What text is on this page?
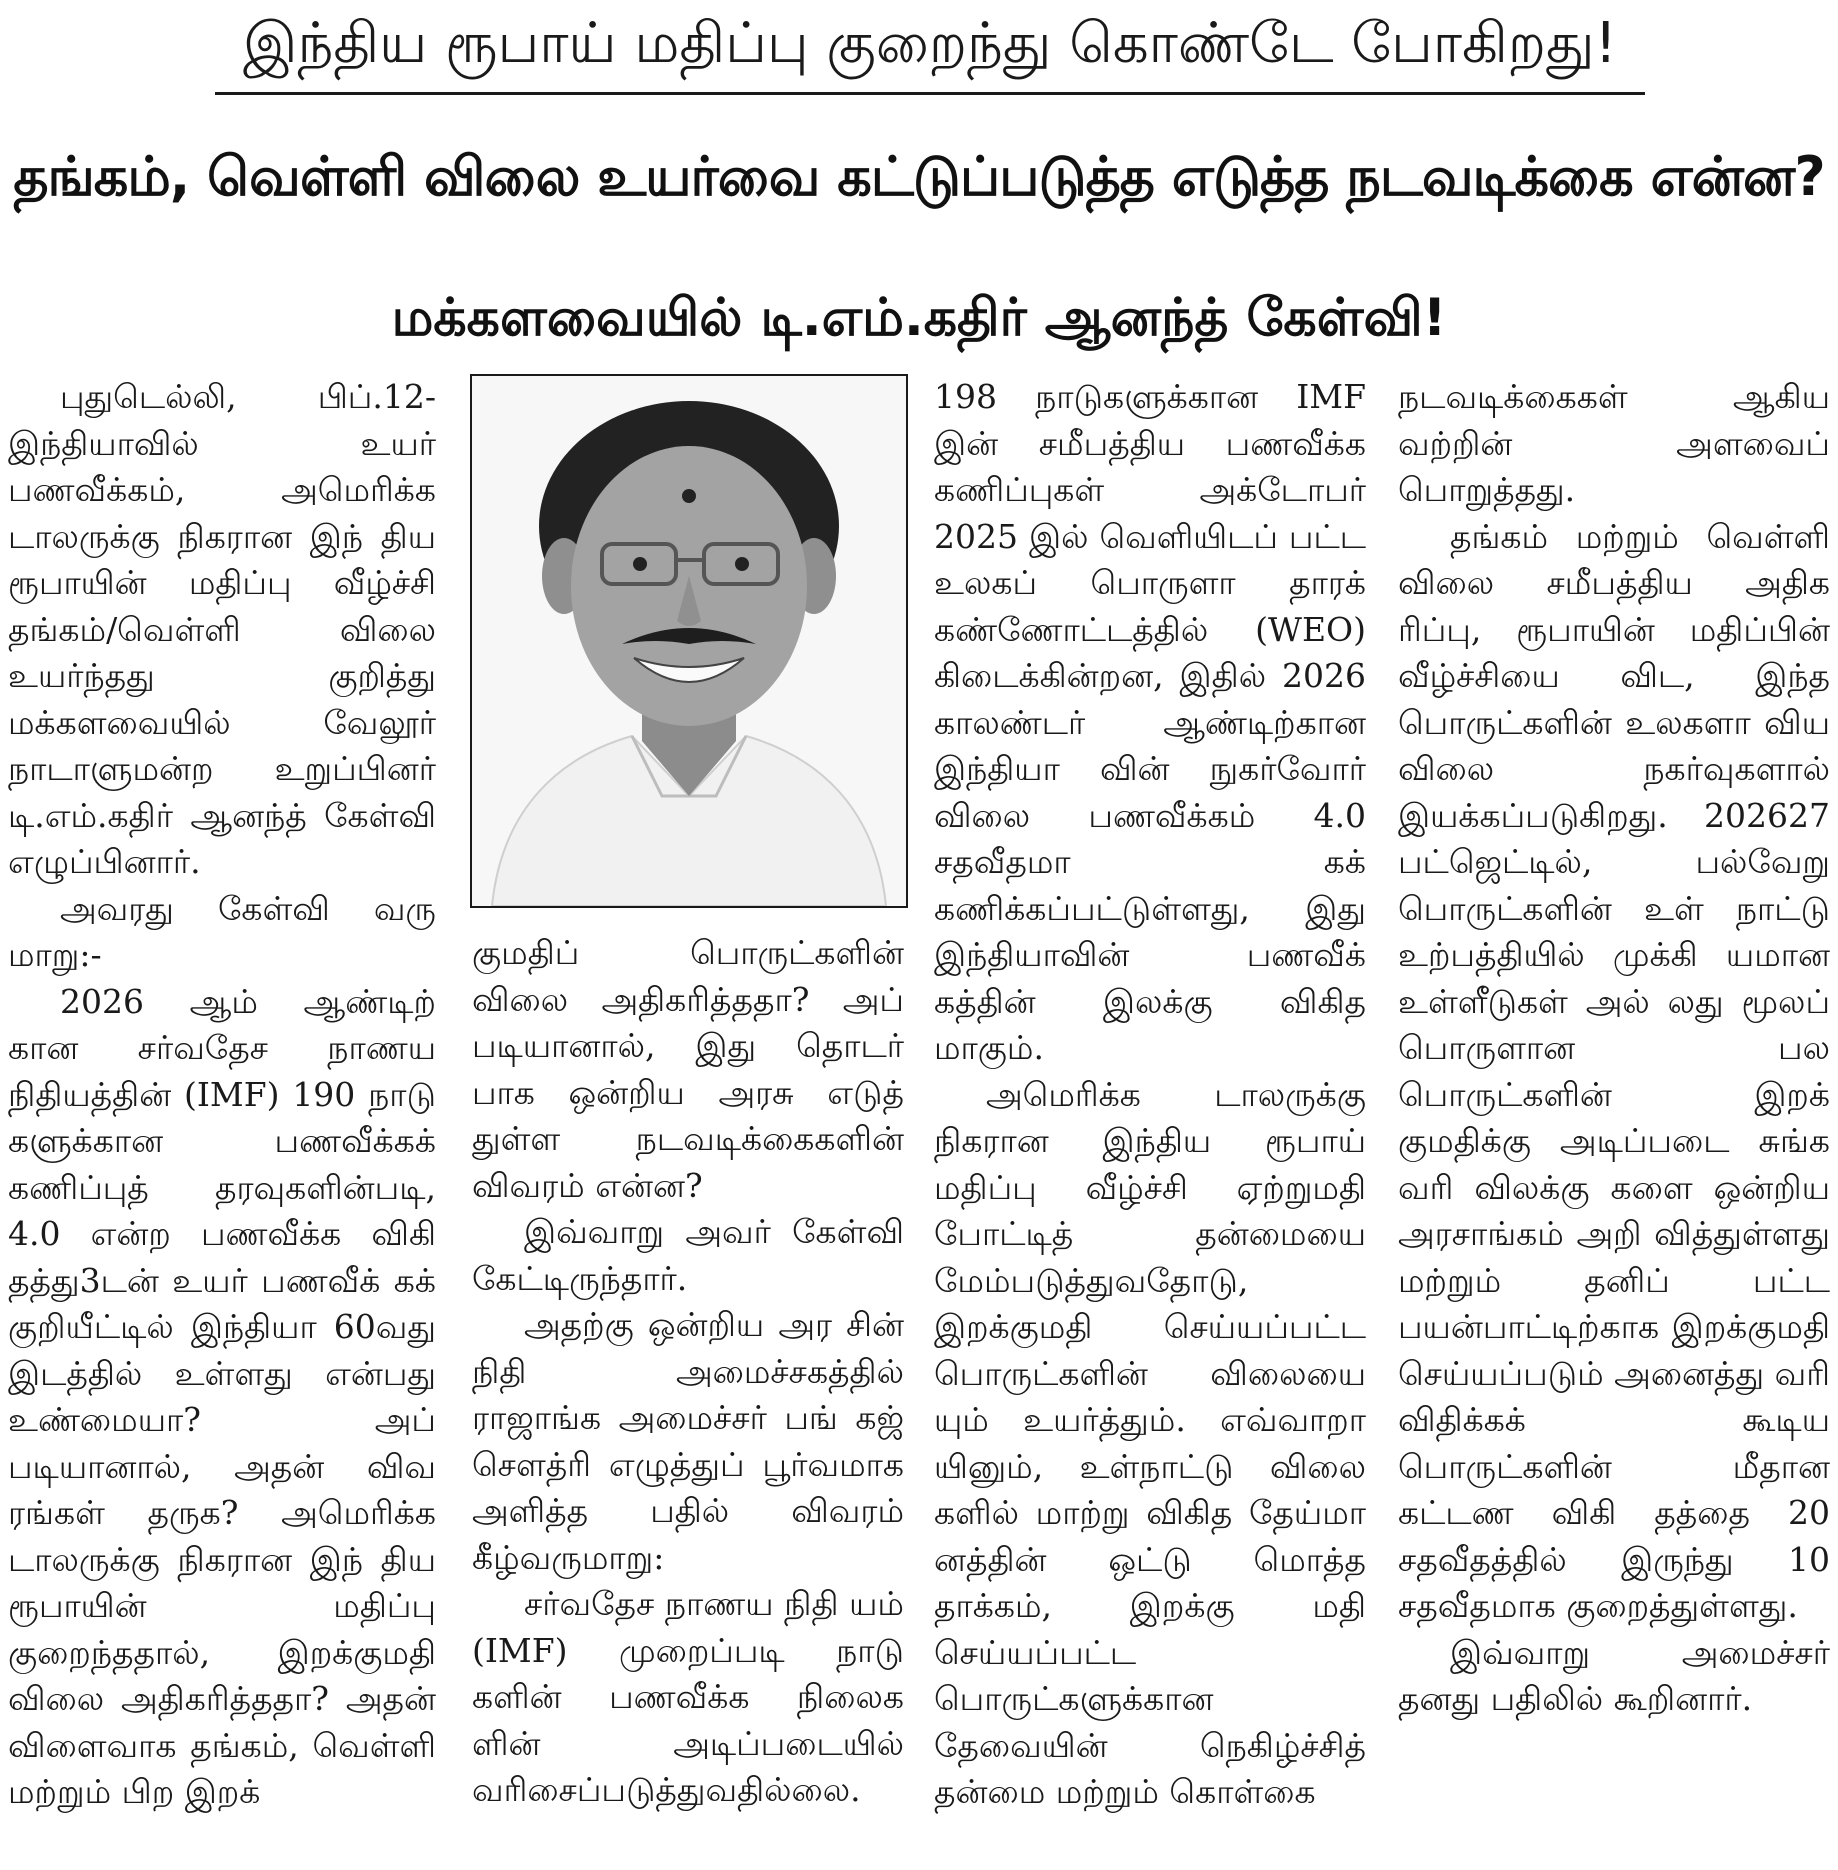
இந்திய ரூபாய் மதிப்பு குறைந்து கொண்டே போகிறது!
தங்கம், வெள்ளி விலை உயர்வை கட்டுப்படுத்த எடுத்த நடவடிக்கை என்ன?
மக்களவையில் டி.எம்.கதிர் ஆனந்த் கேள்வி!

புதுடெல்லி, பிப்.12- இந்தியாவில் உயர் பணவீக்கம், அமெரிக்க டாலருக்கு நிகரான இந் திய ரூபாயின் மதிப்பு வீழ்ச்சி தங்கம்/வெள்ளி விலை உயர்ந்தது குறித்து மக்களவையில் வேலூர் நாடாளுமன்ற உறுப்பினர் டி.எம்.கதிர் ஆனந்த் கேள்வி எழுப்பினார்.

அவரது கேள்வி வரு மாறு:-

2026 ஆம் ஆண்டிற் கான சர்வதேச நாணய நிதியத்தின் (IMF) 190 நாடு களுக்கான பணவீக்கக் கணிப்புத் தரவுகளின்படி, 4.0 என்ற பணவீக்க விகி தத்து3டன் உயர் பணவீக் கக் குறியீட்டில் இந்தியா 60வது இடத்தில் உள்ளது என்பது உண்மையா? அப் படியானால், அதன் விவ ரங்கள் தருக? அமெரிக்க டாலருக்கு நிகரான இந் திய ரூபாயின் மதிப்பு குறைந்ததால், இறக்குமதி விலை அதிகரித்ததா? அதன் விளைவாக தங்கம், வெள்ளி மற்றும் பிற இறக்

குமதிப் பொருட்களின் விலை அதிகரித்ததா? அப் படியானால், இது தொடர் பாக ஒன்றிய அரசு எடுத் துள்ள நடவடிக்கைகளின் விவரம் என்ன?

இவ்வாறு அவர் கேள்வி கேட்டிருந்தார்.

அதற்கு ஒன்றிய அர சின் நிதி அமைச்சகத்தில் ராஜாங்க அமைச்சர் பங் கஜ் சௌத்ரி எழுத்துப் பூர்வமாக அளித்த பதில் விவரம் கீழ்வருமாறு:

சர்வதேச நாணய நிதி யம் (IMF) முறைப்படி நாடு களின் பணவீக்க நிலைக ளின் அடிப்படையில் வரிசைப்படுத்துவதில்லை.

198 நாடுகளுக்கான IMF இன் சமீபத்திய பணவீக்க கணிப்புகள் அக்டோபர் 2025 இல் வெளியிடப் பட்ட உலகப் பொருளா தாரக் கண்ணோட்டத்தில் (WEO) கிடைக்கின்றன, இதில் 2026 காலண்டர் ஆண்டிற்கான இந்தியா வின் நுகர்வோர் விலை பணவீக்கம் 4.0 சதவீதமா கக் கணிக்கப்பட்டுள்ளது, இது இந்தியாவின் பணவீக் கத்தின் இலக்கு விகித மாகும்.

அமெரிக்க டாலருக்கு நிகரான இந்திய ரூபாய் மதிப்பு வீழ்ச்சி ஏற்றுமதி போட்டித் தன்மையை மேம்படுத்துவதோடு, இறக்குமதி செய்யப்பட்ட பொருட்களின் விலையை யும் உயர்த்தும். எவ்வாறா யினும், உள்நாட்டு விலை களில் மாற்று விகித தேய்மா னத்தின் ஒட்டு மொத்த தாக்கம், இறக்கு மதி செய்யப்பட்ட பொருட்களுக்கான தேவையின் நெகிழ்ச்சித் தன்மை மற்றும் கொள்கை

நடவடிக்கைகள் ஆகிய வற்றின் அளவைப் பொறுத்தது.

தங்கம் மற்றும் வெள்ளி விலை சமீபத்திய அதிக ரிப்பு, ரூபாயின் மதிப்பின் வீழ்ச்சியை விட, இந்த பொருட்களின் உலகளா விய விலை நகர்வுகளால் இயக்கப்படுகிறது. 202627 பட்ஜெட்டில், பல்வேறு பொருட்களின் உள் நாட்டு உற்பத்தியில் முக்கி யமான உள்ளீடுகள் அல் லது மூலப் பொருளான பல பொருட்களின் இறக் குமதிக்கு அடிப்படை சுங்க வரி விலக்கு களை ஒன்றிய அரசாங்கம் அறி வித்துள்ளது மற்றும் தனிப் பட்ட பயன்பாட்டிற்காக இறக்குமதி செய்யப்படும் அனைத்து வரி விதிக்கக் கூடிய பொருட்களின் மீதான கட்டண விகி தத்தை 20 சதவீதத்தில் இருந்து 10 சதவீதமாக குறைத்துள்ளது.

இவ்வாறு அமைச்சர் தனது பதிலில் கூறினார்.
